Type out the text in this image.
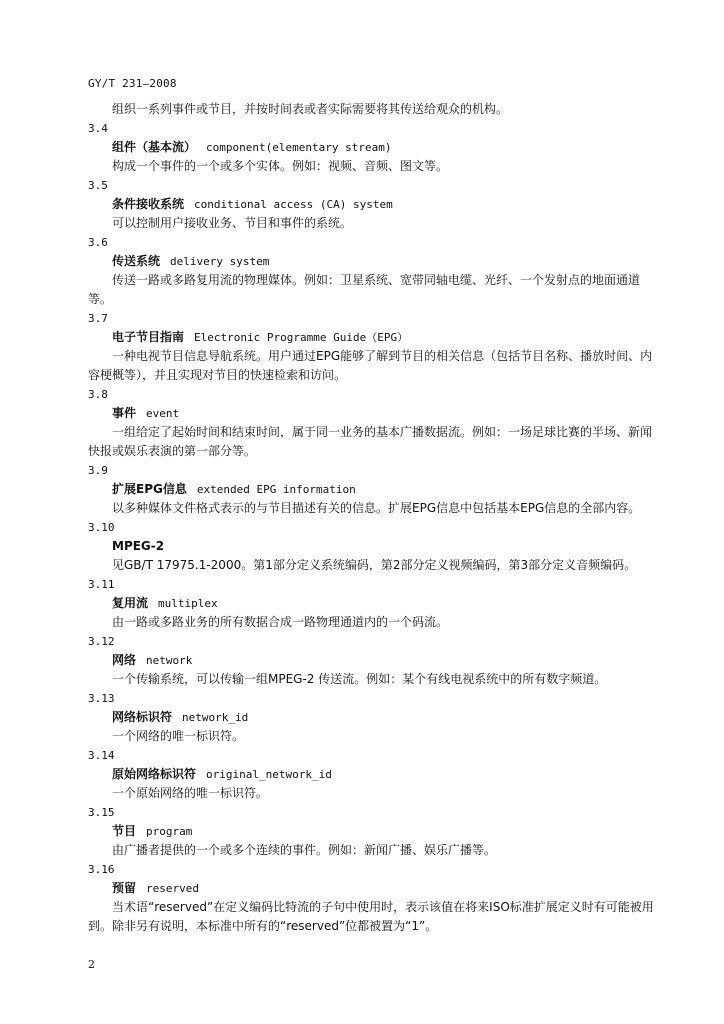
GY/T 231—2008

组织一系列事件或节目，并按时间表或者实际需要将其传送给观众的机构。

3.4
组件（基本流） component(elementary stream)
构成一个事件的一个或多个实体。例如：视频、音频、图文等。
3.5
条件接收系统 conditional access (CA) system
可以控制用户接收业务、节目和事件的系统。
3.6
传送系统 delivery system
传送一路或多路复用流的物理媒体。例如：卫星系统、宽带同轴电缆、光纤、一个发射点的地面通道等。
3.7
电子节目指南 Electronic Programme Guide（EPG）
一种电视节目信息导航系统。用户通过EPG能够了解到节目的相关信息（包括节目名称、播放时间、内容梗概等），并且实现对节目的快速检索和访问。
3.8
事件 event
一组给定了起始时间和结束时间，属于同一业务的基本广播数据流。例如：一场足球比赛的半场、新闻快报或娱乐表演的第一部分等。
3.9
扩展EPG信息 extended EPG information
以多种媒体文件格式表示的与节目描述有关的信息。扩展EPG信息中包括基本EPG信息的全部内容。
3.10
MPEG-2
见GB/T 17975.1-2000。第1部分定义系统编码，第2部分定义视频编码，第3部分定义音频编码。
3.11
复用流 multiplex
由一路或多路业务的所有数据合成一路物理通道内的一个码流。
3.12
网络 network
一个传输系统，可以传输一组MPEG-2 传送流。例如：某个有线电视系统中的所有数字频道。
3.13
网络标识符 network_id
一个网络的唯一标识符。
3.14
原始网络标识符 original_network_id
一个原始网络的唯一标识符。
3.15
节目 program
由广播者提供的一个或多个连续的事件。例如：新闻广播、娱乐广播等。
3.16
预留 reserved
当术语“reserved”在定义编码比特流的子句中使用时，表示该值在将来ISO标准扩展定义时有可能被用到。除非另有说明，本标准中所有的“reserved”位都被置为“1”。
2
